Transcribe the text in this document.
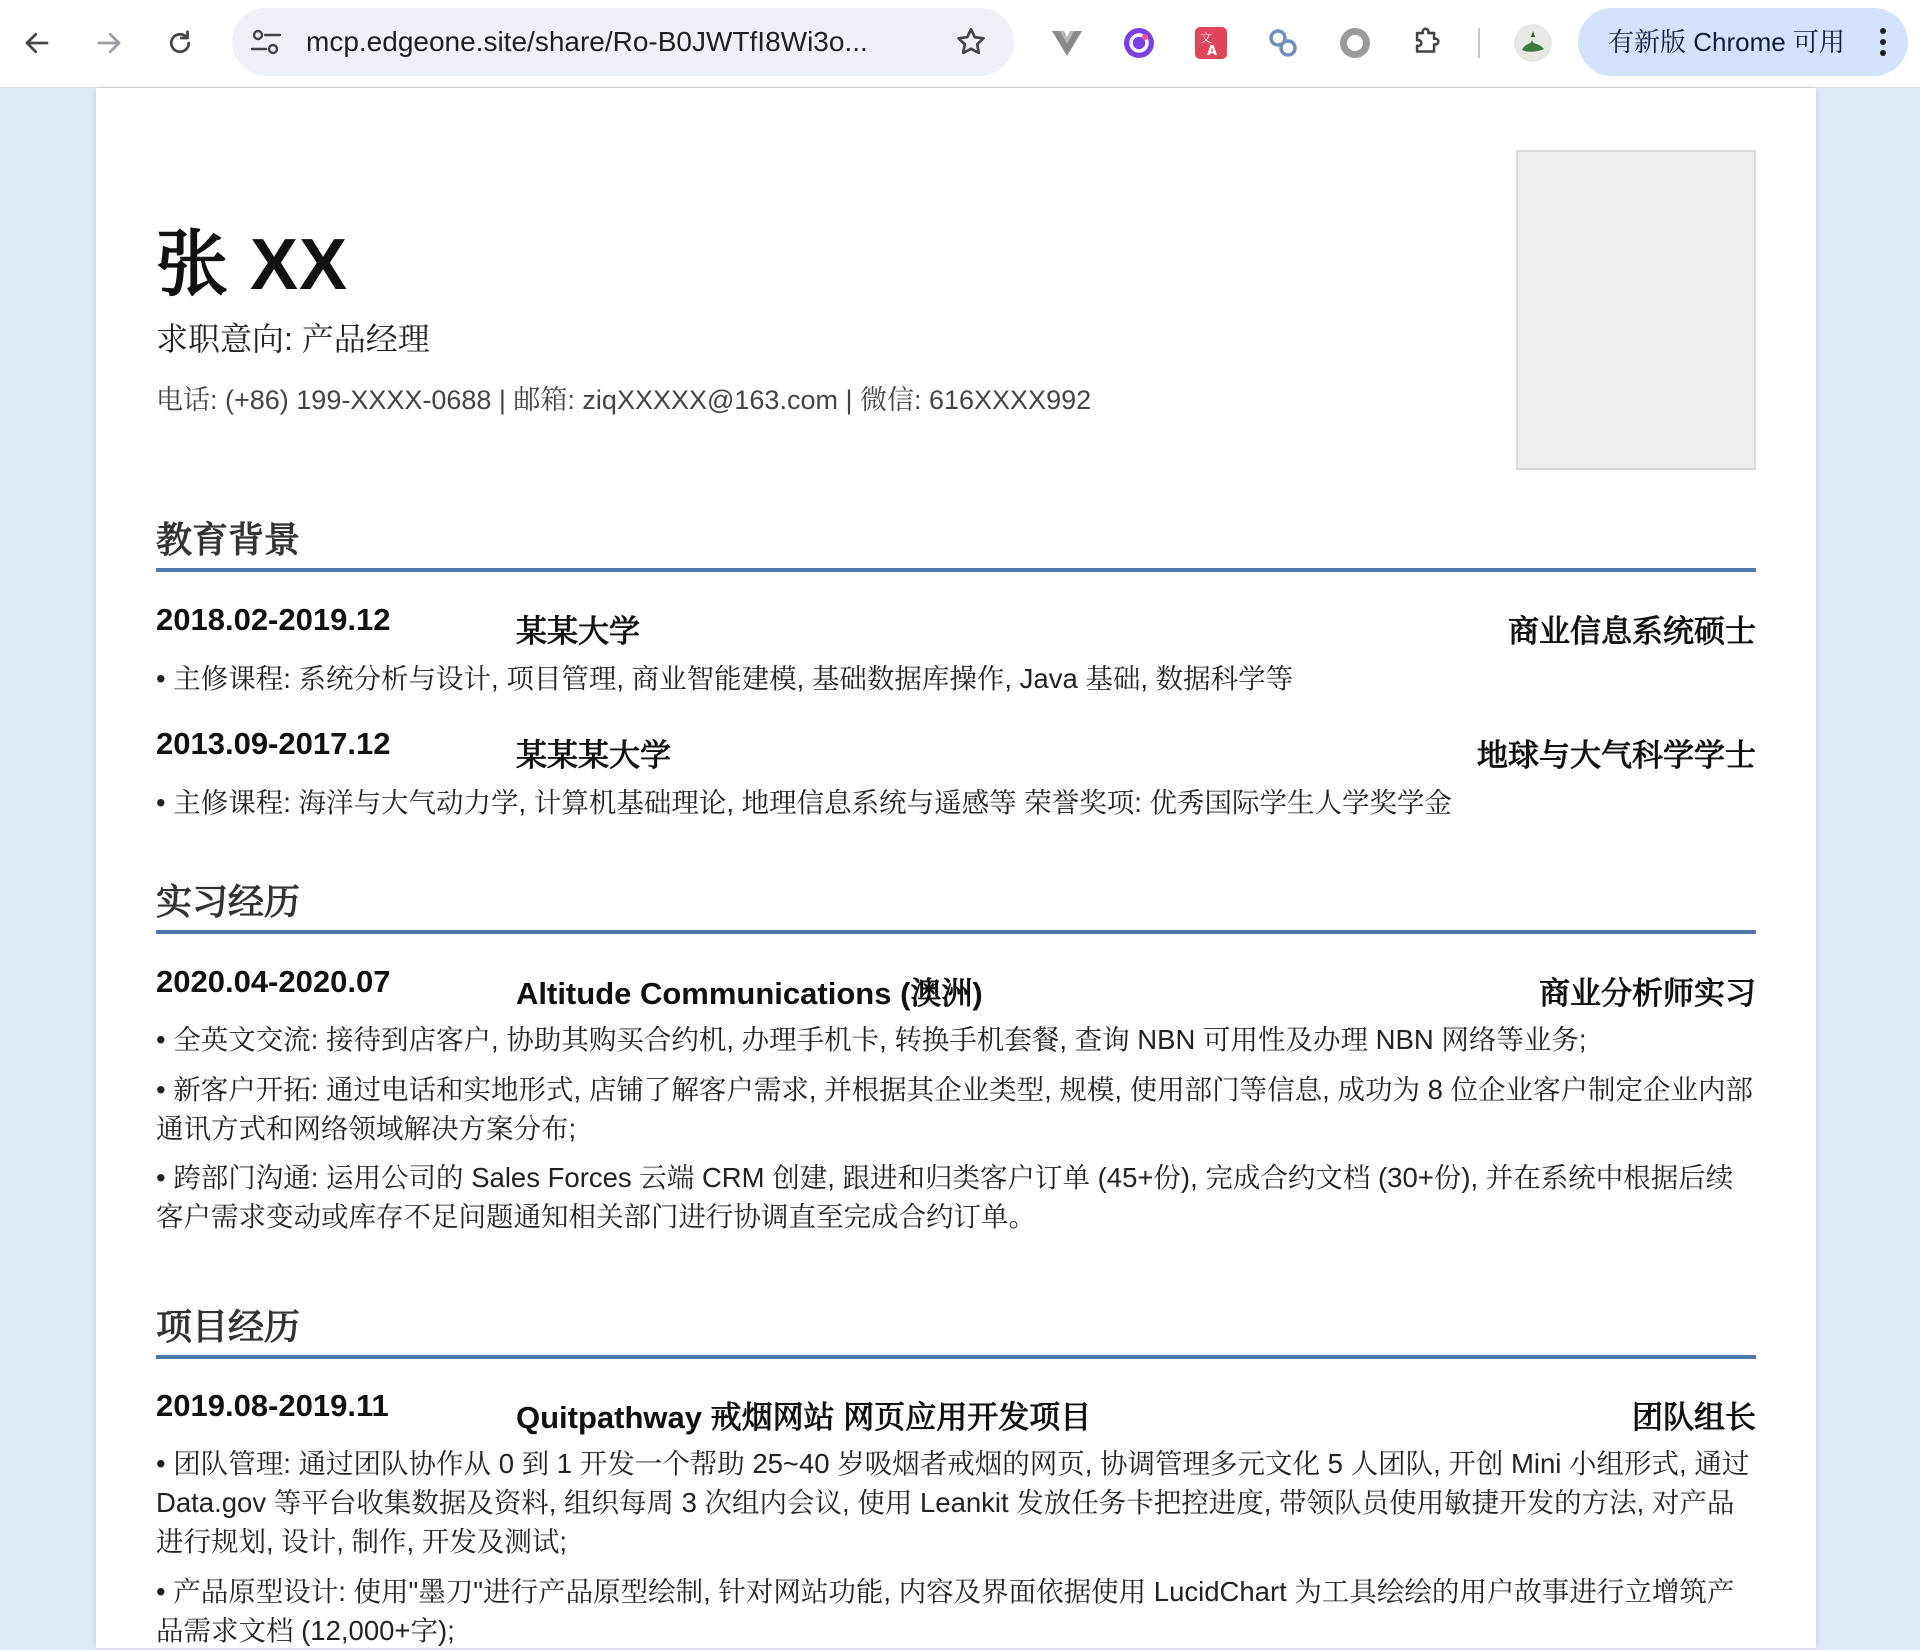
mcp.edgeone.site/share/Ro-B0JWTfI8Wi3o...	文
A	有新版 Chrome 可用
张 XX
求职意向: 产品经理
电话: (+86) 199-XXXX-0688 | 邮箱: ziqXXXXX@163.com | 微信: 616XXXX992
教育背景
2018.02-2019.12	某某大学	商业信息系统硕士
• 主修课程: 系统分析与设计, 项目管理, 商业智能建模, 基础数据库操作, Java 基础, 数据科学等
2013.09-2017.12	某某某大学	地球与大气科学学士
• 主修课程: 海洋与大气动力学, 计算机基础理论, 地理信息系统与遥感等 荣誉奖项: 优秀国际学生人学奖学金
实习经历
2020.04-2020.07	Altitude Communications (澳洲)	商业分析师实习
• 全英文交流: 接待到店客户, 协助其购买合约机, 办理手机卡, 转换手机套餐, 查询 NBN 可用性及办理 NBN 网络等业务;
• 新客户开拓: 通过电话和实地形式, 店铺了解客户需求, 并根据其企业类型, 规模, 使用部门等信息, 成功为 8 位企业客户制定企业内部通讯方式和网络领域解决方案分布;
• 跨部门沟通: 运用公司的 Sales Forces 云端 CRM 创建, 跟进和归类客户订单 (45+份), 完成合约文档 (30+份), 并在系统中根据后续客户需求变动或库存不足问题通知相关部门进行协调直至完成合约订单。
项目经历
2019.08-2019.11	Quitpathway 戒烟网站 网页应用开发项目	团队组长
• 团队管理: 通过团队协作从 0 到 1 开发一个帮助 25~40 岁吸烟者戒烟的网页, 协调管理多元文化 5 人团队, 开创 Mini 小组形式, 通过 Data.gov 等平台收集数据及资料, 组织每周 3 次组内会议, 使用 Leankit 发放任务卡把控进度, 带领队员使用敏捷开发的方法, 对产品进行规划, 设计, 制作, 开发及测试;
• 产品原型设计: 使用"墨刀"进行产品原型绘制, 针对网站功能, 内容及界面依据使用 LucidChart 为工具绘绘的用户故事进行立增筑产品需求文档 (12,000+字);
